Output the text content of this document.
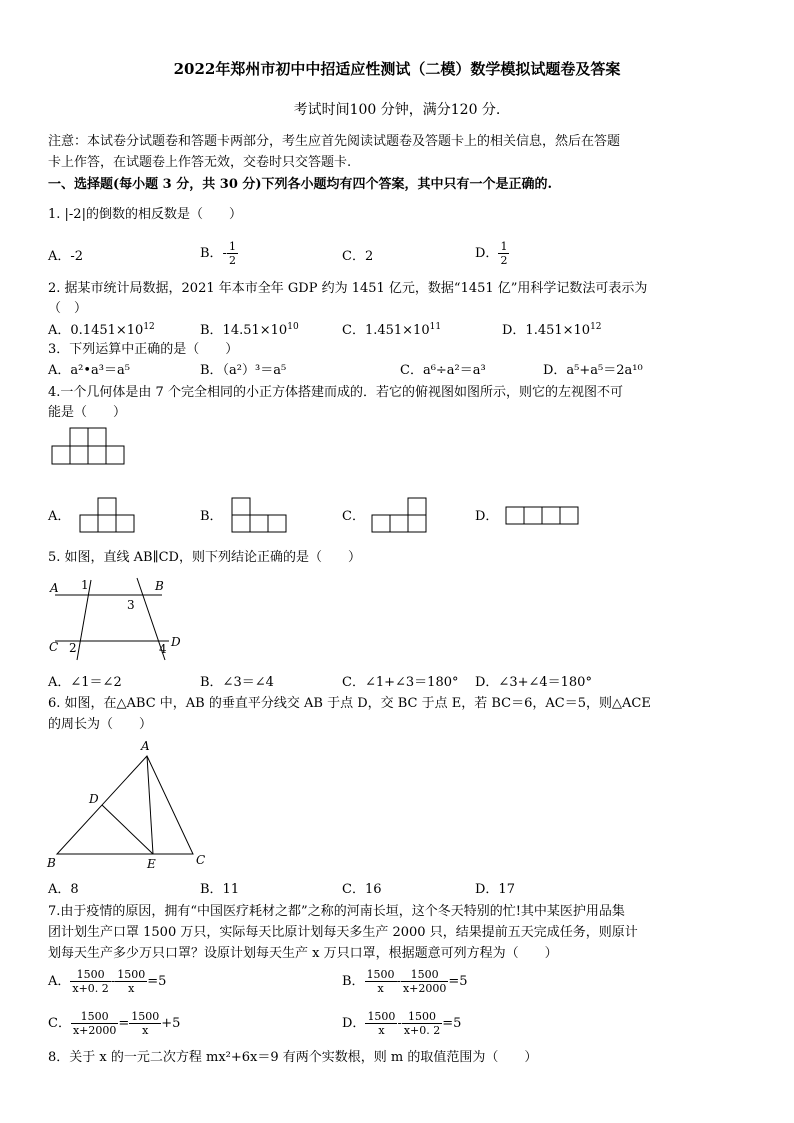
2022年郑州市初中中招适应性测试（二模）数学模拟试题卷及答案
考试时间100 分钟，满分120 分.
注意：本试卷分试题卷和答题卡两部分，考生应首先阅读试题卷及答题卡上的相关信息，然后在答题
卡上作答，在试题卷上作答无效，交卷时只交答题卡.
一、选择题(每小题 3 分，共 30 分)下列各小题均有四个答案，其中只有一个是正确的.
1. |-2|的倒数的相反数是（　　）
A．-2	B．- $\frac{1}{2}$	C．2	D． $\frac{1}{2}$
2. 据某市统计局数据，2021 年本市全年 GDP 约为 1451 亿元，数据“1451 亿”用科学记数法可表示为
（　）
A．$0.1451\times 10^{12}$	B．$14.51\times 10^{10}$	C．$1.451\times 10^{11}$	D．$1.451\times 10^{12}$
3．下列运算中正确的是（　　）
A．a²•a³＝a⁵	B．（a²）³＝a⁵	C．a⁶÷a²＝a³	D．a⁵+a⁵＝2a¹⁰
4.一个几何体是由 7 个完全相同的小正方体搭建而成的．若它的俯视图如图所示，则它的左视图不可
能是（　　）
A．	B．	C．	D．
5. 如图，直线 AB∥CD，则下列结论正确的是（　　）
A	B
C	D
1
2
3
4
A．∠1＝∠2	B．∠3＝∠4	C．∠1+∠3＝180° D．∠3+∠4＝180°
6. 如图，在△ABC 中，AB 的垂直平分线交 AB 于点 D，交 BC 于点 E，若 BC＝6，AC＝5，则△ACE
的周长为（　　）
A
B	C
D
E
A．8	B．11	C．16	D．17
7.由于疫情的原因，拥有“中国医疗耗材之都”之称的河南长垣，这个冬天特别的忙!其中某医护用品集
团计划生产口罩 1500 万只，实际每天比原计划每天多生产 2000 只，结果提前五天完成任务，则原计
划每天生产多少万只口罩？设原计划每天生产 x 万只口罩，根据题意可列方程为（　　）
A． $\frac{1500}{x+0. 2} - \frac{1500}{x} =5$	B． $\frac{1500}{x} - \frac{1500}{x+2000} =5$
C． $\frac{1500}{x+2000} = \frac{1500}{x} +5$	D． $\frac{1500}{x} - \frac{1500}{x+0. 2} =5$
8．关于 x 的一元二次方程 mx²+6x＝9 有两个实数根，则 m 的取值范围为（　　）
